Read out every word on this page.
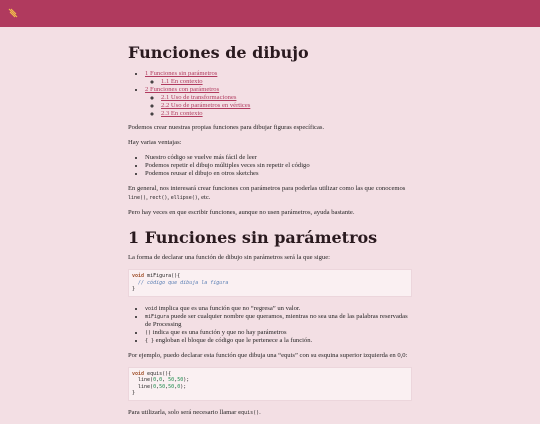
Funciones de dibujo
• 1 Funciones sin parámetros
◦ 1.1 En contexto
• 2 Funciones con parámetros
◦ 2.1 Uso de transformaciones
◦ 2.2 Uso de parámetros en vértices
◦ 2.3 En contexto

Podemos crear nuestras propias funciones para dibujar figuras específicas.

Hay varias ventajas:

• Nuestro código se vuelve más fácil de leer
• Podemos repetir el dibujo múltiples veces sin repetir el código
• Podemos reusar el dibujo en otros sketches

En general, nos interesará crear funciones con parámetros para poderlas utilizar como las que conocemos line(), rect(), ellipse(), etc.

Pero hay veces en que escribir funciones, aunque no usen parámetros, ayuda bastante.

1 Funciones sin parámetros

La forma de declarar una función de dibujo sin parámetros será la que sigue:

void miFigura(){
// código que dibuja la figura
}
• void implica que es una función que no “regresa” un valor.
• miFigura puede ser cualquier nombre que queramos, mientras no sea una de las palabras reservadas de Processing
• () indica que es una función y que no hay parámetros
• { } engloban el bloque de código que le pertenece a la función.

Por ejemplo, puedo declarar esta función que dibuja una “equis” con su esquina superior izquierda en 0,0:

void equis(){
line(0,0, 50,50);
line(0,50,50,0);
}

Para utilizarla, solo será necesario llamar equis().
